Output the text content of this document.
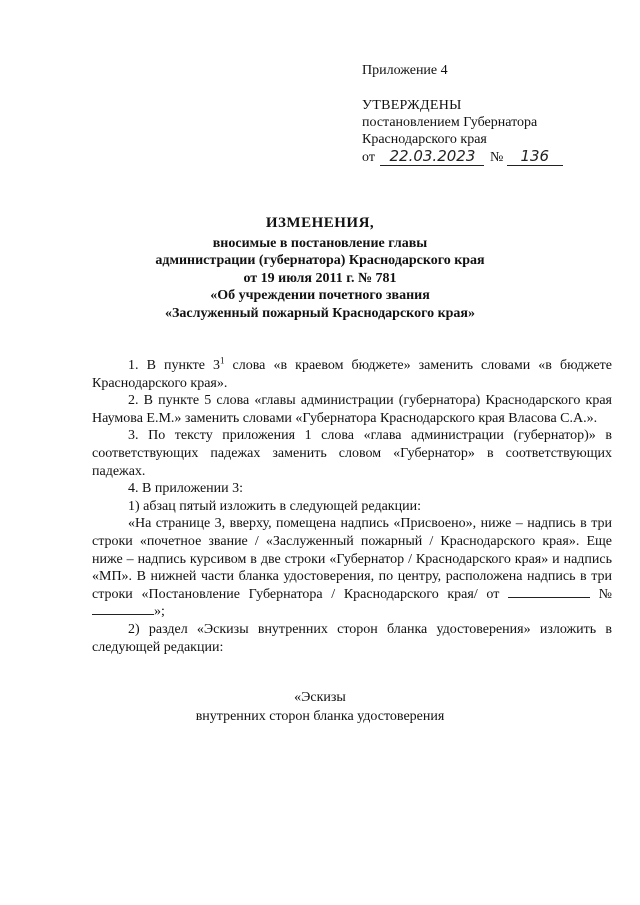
Приложение 4
УТВЕРЖДЕНЫ
постановлением Губернатора
Краснодарского края
от 22.03.2023 № 136
ИЗМЕНЕНИЯ,
вносимые в постановление главы
администрации (губернатора) Краснодарского края
от 19 июля 2011 г. № 781
«Об учреждении почетного звания
«Заслуженный пожарный Краснодарского края»

1. В пункте $3^1$ слова «в краевом бюджете» заменить словами «в бюджете Краснодарского края».

2. В пункте 5 слова «главы администрации (губернатора) Краснодарского края Наумова Е.М.» заменить словами «Губернатора Краснодарского края Власова С.А.».

3. По тексту приложения 1 слова «глава администрации (губернатор)» в соответствующих падежах заменить словом «Губернатор» в соответствующих падежах.

4. В приложении 3:

1) абзац пятый изложить в следующей редакции:

«На странице 3, вверху, помещена надпись «Присвоено», ниже – надпись в три строки «почетное звание / «Заслуженный пожарный / Краснодарского края». Еще ниже – надпись курсивом в две строки «Губернатор / Краснодарского края» и надпись «МП». В нижней части бланка удостоверения, по центру, расположена надпись в три строки «Постановление Губернатора / Краснодарского края/ от	№ »;

2) раздел «Эскизы внутренних сторон бланка удостоверения» изложить в следующей редакции:

«Эскизы
внутренних сторон бланка удостоверения
